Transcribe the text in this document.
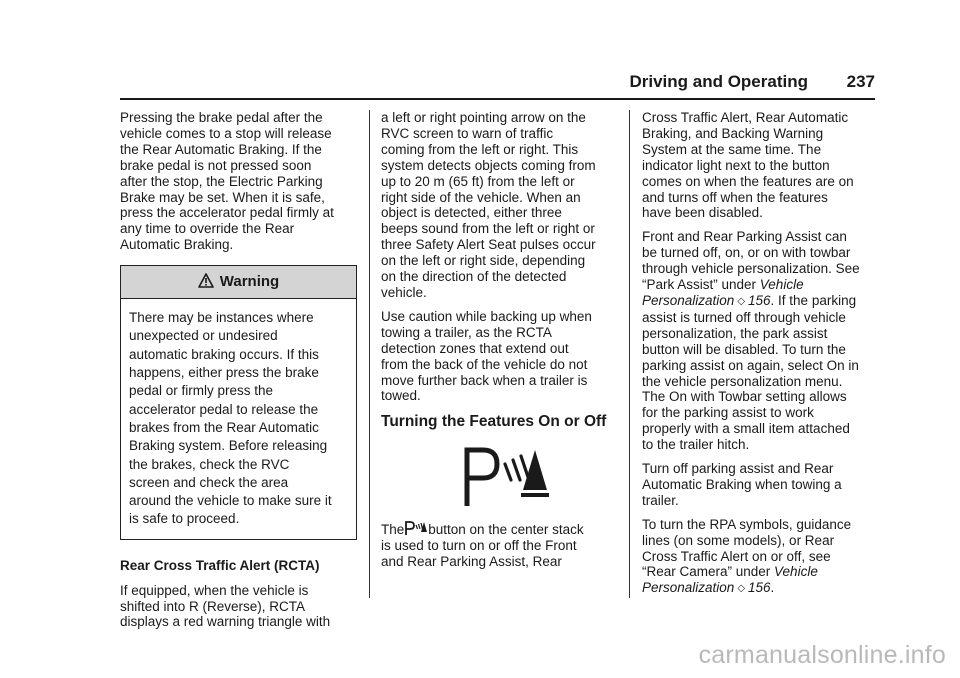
Driving and Operating 237

Pressing the brake pedal after the
vehicle comes to a stop will release
the Rear Automatic Braking. If the
brake pedal is not pressed soon
after the stop, the Electric Parking
Brake may be set. When it is safe,
press the accelerator pedal firmly at
any time to override the Rear
Automatic Braking.

Warning
There may be instances where
unexpected or undesired
automatic braking occurs. If this
happens, either press the brake
pedal or firmly press the
accelerator pedal to release the
brakes from the Rear Automatic
Braking system. Before releasing
the brakes, check the RVC
screen and check the area
around the vehicle to make sure it
is safe to proceed.
Rear Cross Traffic Alert (RCTA)

If equipped, when the vehicle is
shifted into R (Reverse), RCTA
displays a red warning triangle with

a left or right pointing arrow on the
RVC screen to warn of traffic
coming from the left or right. This
system detects objects coming from
up to 20 m (65 ft) from the left or
right side of the vehicle. When an
object is detected, either three
beeps sound from the left or right or
three Safety Alert Seat pulses occur
on the left or right side, depending
on the direction of the detected
vehicle.

Use caution while backing up when
towing a trailer, as the RCTA
detection zones that extend out
from the back of the vehicle do not
move further back when a trailer is
towed.

Turning the Features On or Off

The button on the center stack
is used to turn on or off the Front
and Rear Parking Assist, Rear

Cross Traffic Alert, Rear Automatic
Braking, and Backing Warning
System at the same time. The
indicator light next to the button
comes on when the features are on
and turns off when the features
have been disabled.

Front and Rear Parking Assist can
be turned off, on, or on with towbar
through vehicle personalization. See
“Park Assist” under Vehicle
Personalization ◇ 156. If the parking
assist is turned off through vehicle
personalization, the park assist
button will be disabled. To turn the
parking assist on again, select On in
the vehicle personalization menu.
The On with Towbar setting allows
for the parking assist to work
properly with a small item attached
to the trailer hitch.

Turn off parking assist and Rear
Automatic Braking when towing a
trailer.

To turn the RPA symbols, guidance
lines (on some models), or Rear
Cross Traffic Alert on or off, see
“Rear Camera” under Vehicle
Personalization ◇ 156.

carmanualsonline.info
